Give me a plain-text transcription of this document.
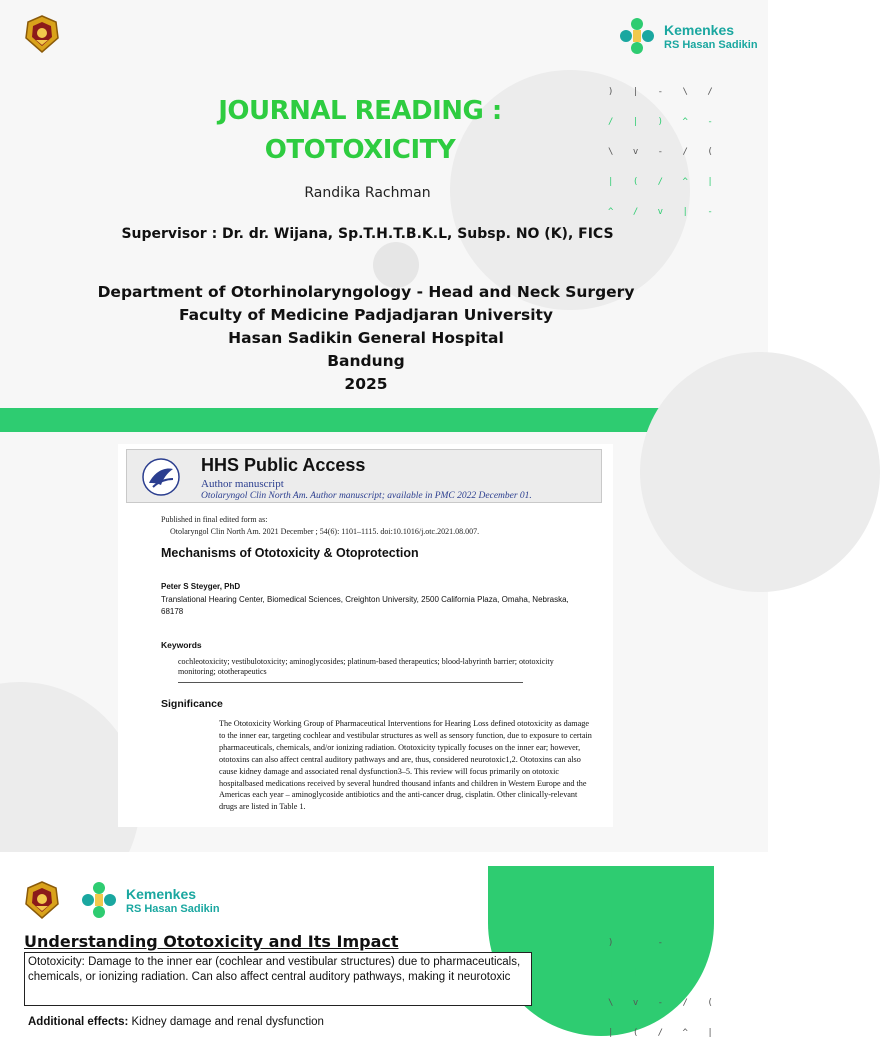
Kemenkes
RS Hasan Sadikin
JOURNAL READING :
OTOTOXICITY
Randika Rachman
Supervisor : Dr. dr. Wijana, Sp.T.H.T.B.K.L, Subsp. NO (K), FICS
Department of Otorhinolaryngology - Head and Neck Surgery
Faculty of Medicine Padjadjaran University
Hasan Sadikin General Hospital
Bandung
2025
) | - \ /
/ | ) ^ -
\ v - / (
| ( / ^ |
^ / v | -
HHS Public Access
Author manuscript
Otolaryngol Clin North Am. Author manuscript; available in PMC 2022 December 01.
Published in final edited form as:
Otolaryngol Clin North Am. 2021 December ; 54(6): 1101–1115. doi:10.1016/j.otc.2021.08.007.
Mechanisms of Ototoxicity & Otoprotection
Peter S Steyger, PhD
Translational Hearing Center, Biomedical Sciences, Creighton University, 2500 California Plaza, Omaha, Nebraska, 68178
Keywords
cochleotoxicity; vestibulotoxicity; aminoglycosides; platinum-based therapeutics; blood-labyrinth barrier; ototoxicity monitoring; ototherapeutics
Significance
The Ototoxicity Working Group of Pharmaceutical Interventions for Hearing Loss defined ototoxicity as damage to the inner ear, targeting cochlear and vestibular structures as well as sensory function, due to exposure to certain pharmaceuticals, chemicals, and/or ionizing radiation. Ototoxicity typically focuses on the inner ear; however, ototoxins can also affect central auditory pathways and are, thus, considered neurotoxic1,2. Ototoxins can also cause kidney damage and associated renal dysfunction3–5. This review will focus primarily on ototoxic hospitalbased medications received by several hundred thousand infants and children in Western Europe and the Americas each year – aminoglycoside antibiotics and the anti-cancer drug, cisplatin. Other clinically-relevant drugs are listed in Table 1.
Kemenkes
RS Hasan Sadikin
Understanding Ototoxicity and Its Impact
Ototoxicity: Damage to the inner ear (cochlear and vestibular structures) due to pharmaceuticals, chemicals, or ionizing radiation. Can also affect central auditory pathways, making it neurotoxic
Additional effects: Kidney damage and renal dysfunction
)   -
| ) ^ -
\ v - / (
| ( / ^ |
